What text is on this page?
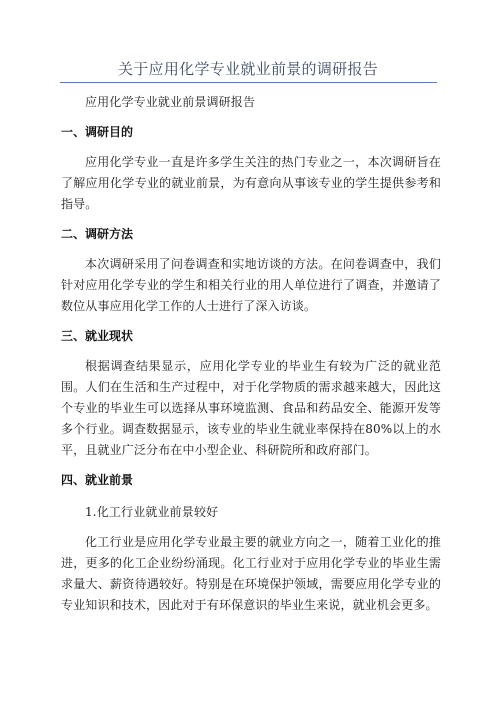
关于应用化学专业就业前景的调研报告

应用化学专业就业前景调研报告

一、调研目的

应用化学专业一直是许多学生关注的热门专业之一，本次调研旨在了解应用化学专业的就业前景，为有意向从事该专业的学生提供参考和指导。

二、调研方法

本次调研采用了问卷调查和实地访谈的方法。在问卷调查中，我们针对应用化学专业的学生和相关行业的用人单位进行了调查，并邀请了数位从事应用化学工作的人士进行了深入访谈。

三、就业现状

根据调查结果显示，应用化学专业的毕业生有较为广泛的就业范围。人们在生活和生产过程中，对于化学物质的需求越来越大，因此这个专业的毕业生可以选择从事环境监测、食品和药品安全、能源开发等多个行业。调查数据显示，该专业的毕业生就业率保持在80%以上的水平，且就业广泛分布在中小型企业、科研院所和政府部门。

四、就业前景

1.化工行业就业前景较好

化工行业是应用化学专业最主要的就业方向之一，随着工业化的推进，更多的化工企业纷纷涌现。化工行业对于应用化学专业的毕业生需求量大、薪资待遇较好。特别是在环境保护领域，需要应用化学专业的专业知识和技术，因此对于有环保意识的毕业生来说，就业机会更多。
